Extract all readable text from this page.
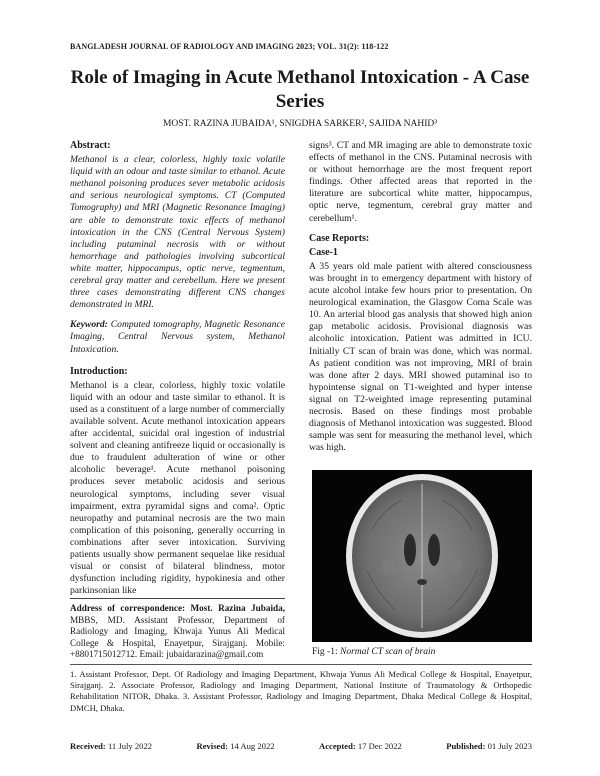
BANGLADESH JOURNAL OF RADIOLOGY AND IMAGING 2023; VOL. 31(2): 118-122
Role of Imaging in Acute Methanol Intoxication - A Case Series
MOST. RAZINA JUBAIDA¹, SNIGDHA SARKER², SAJIDA NAHID³
Abstract:
Methanol is a clear, colorless, highly toxic volatile liquid with an odour and taste similar to ethanol. Acute methanol poisoning produces sever metabolic acidosis and serious neurological symptoms. CT (Computed Tomography) and MRI (Magnetic Resonance Imaging) are able to demonstrate toxic effects of methanol intoxication in the CNS (Central Nervous System) including putaminal necrosis with or without hemorrhage and pathologies involving subcortical white matter, hippocampus, optic nerve, tegmentum, cerebral gray matter and cerebellum. Here we present three cases demonstrating different CNS changes demonstrated in MRI.
Keyword: Computed tomography, Magnetic Resonance Imaging, Central Nervous system, Methanol Intoxication.
Introduction:

Methanol is a clear, colorless, highly toxic volatile liquid with an odour and taste similar to ethanol. It is used as a constituent of a large number of commercially available solvent. Acute methanol intoxication appears after accidental, suicidal oral ingestion of industrial solvent and cleaning antifreeze liquid or occasionally is due to fraudulent adulteration of wine or other alcoholic beverage¹. Acute methanol poisoning produces sever metabolic acidosis and serious neurological symptoms, including sever visual impairment, extra pyramidal signs and coma². Optic neuropathy and putaminal necrosis are the two main complication of this poisoning, generally occurring in combinations after sever intoxication. Surviving patients usually show permanent sequelae like residual visual or consist of bilateral blindness, motor dysfunction including rigidity, hypokinesia and other parkinsonian like

Address of correspondence: Most. Razina Jubaida, MBBS, MD. Assistant Professor, Department of Radiology and Imaging, Khwaja Yunus Ali Medical College & Hospital, Enayetpur, Sirajganj. Mobile: +8801715012712. Email: jubaidarazina@gmail.com

signs³. CT and MR imaging are able to demonstrate toxic effects of methanol in the CNS. Putaminal necrosis with or without hemorrhage are the most frequent report findings. Other affected areas that reported in the literature are subcortical white matter, hippocampus, optic nerve, tegmentum, cerebral gray matter and cerebellum¹.

Case Reports:
Case-1

A 35 years old male patient with altered consciousness was brought in to emergency department with history of acute alcohol intake few hours prior to presentation. On neurological examination, the Glasgow Coma Scale was 10. An arterial blood gas analysis that showed high anion gap metabolic acidosis. Provisional diagnosis was alcoholic intoxication. Patient was admitted in ICU. Initially CT scan of brain was done, which was normal. As patient condition was not improving, MRI of brain was done after 2 days. MRI showed putaminal iso to hypointense signal on T1-weighted and hyper intense signal on T2-weighted image representing putaminal necrosis. Based on these findings most probable diagnosis of Methanol intoxication was suggested. Blood sample was sent for measuring the methanol level, which was high.

Fig -1: Normal CT scan of brain
1. Assistant Professor, Dept. Of Radiology and Imaging Department, Khwaja Yunus Ali Medical College & Hospital, Enayetpur, Sirajganj. 2. Associate Professor, Radiology and Imaging Department, National Institute of Traumatology & Orthopedic Rehabilitation NITOR, Dhaka. 3. Assistant Professor, Radiology and Imaging Department, Dhaka Medical College & Hospital, DMCH, Dhaka.
Received: 11 July 2022	Revised: 14 Aug 2022	Accepted: 17 Dec 2022	Published: 01 July 2023
